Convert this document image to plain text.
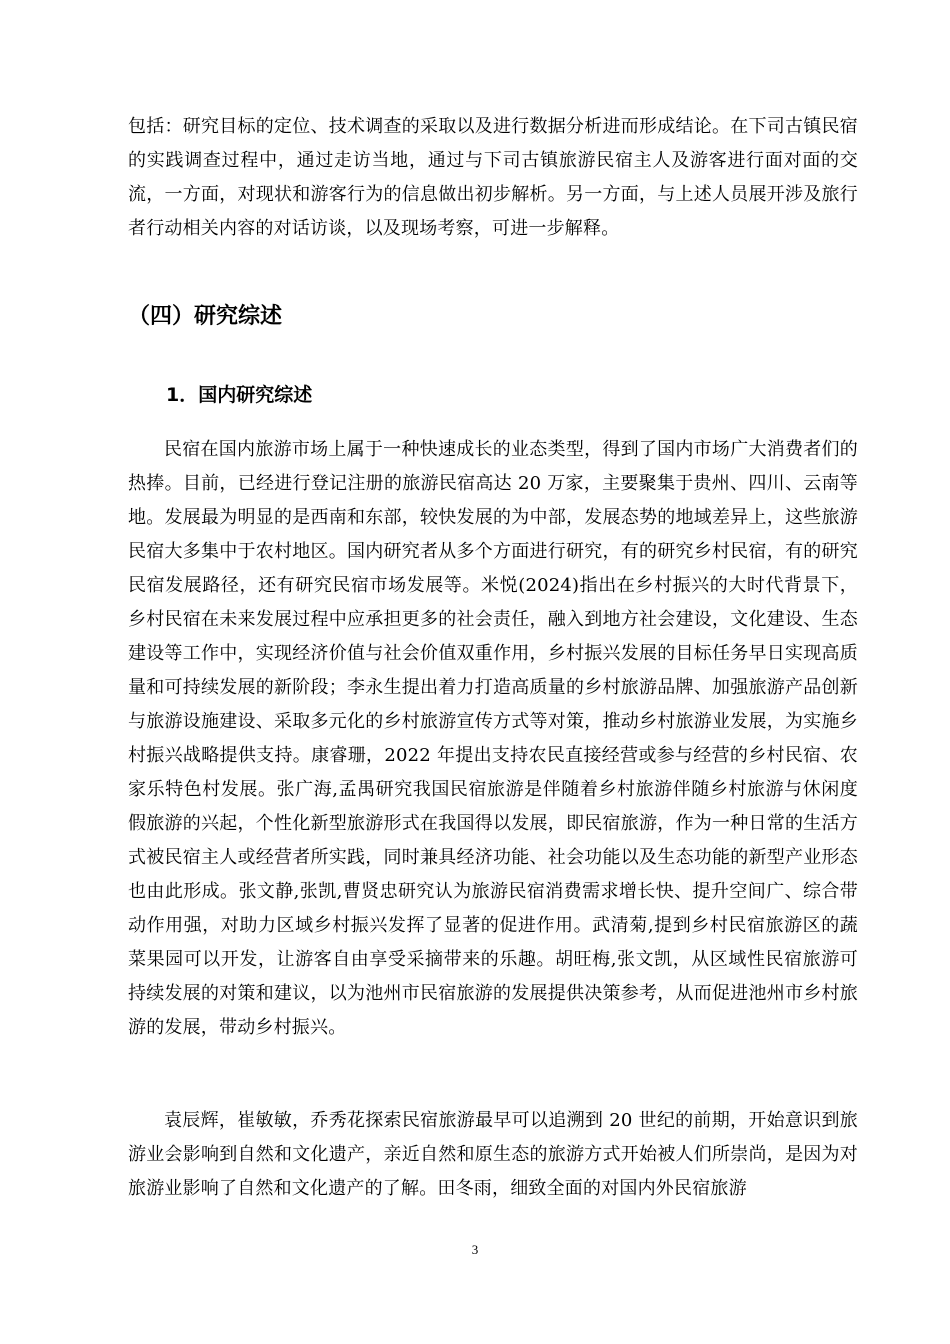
包括：研究目标的定位、技术调查的采取以及进行数据分析进而形成结论。在下司古镇民宿的实践调查过程中，通过走访当地，通过与下司古镇旅游民宿主人及游客进行面对面的交流，一方面，对现状和游客行为的信息做出初步解析。另一方面，与上述人员展开涉及旅行者行动相关内容的对话访谈，以及现场考察，可进一步解释。

（四）研究综述
1．国内研究综述

民宿在国内旅游市场上属于一种快速成长的业态类型，得到了国内市场广大消费者们的热捧。目前，已经进行登记注册的旅游民宿高达 20 万家，主要聚集于贵州、四川、云南等地。发展最为明显的是西南和东部，较快发展的为中部，发展态势的地域差异上，这些旅游民宿大多集中于农村地区。国内研究者从多个方面进行研究，有的研究乡村民宿，有的研究民宿发展路径，还有研究民宿市场发展等。米悦(2024)指出在乡村振兴的大时代背景下，乡村民宿在未来发展过程中应承担更多的社会责任，融入到地方社会建设，文化建设、生态建设等工作中，实现经济价值与社会价值双重作用，乡村振兴发展的目标任务早日实现高质量和可持续发展的新阶段；李永生提出着力打造高质量的乡村旅游品牌、加强旅游产品创新与旅游设施建设、采取多元化的乡村旅游宣传方式等对策，推动乡村旅游业发展，为实施乡村振兴战略提供支持。康睿珊，2022 年提出支持农民直接经营或参与经营的乡村民宿、农家乐特色村发展。张广海,孟禺研究我国民宿旅游是伴随着乡村旅游伴随乡村旅游与休闲度假旅游的兴起，个性化新型旅游形式在我国得以发展，即民宿旅游，作为一种日常的生活方式被民宿主人或经营者所实践，同时兼具经济功能、社会功能以及生态功能的新型产业形态也由此形成。张文静,张凯,曹贤忠研究认为旅游民宿消费需求增长快、提升空间广、综合带动作用强，对助力区域乡村振兴发挥了显著的促进作用。武清菊,提到乡村民宿旅游区的蔬菜果园可以开发，让游客自由享受采摘带来的乐趣。胡旺梅,张文凯，从区域性民宿旅游可持续发展的对策和建议，以为池州市民宿旅游的发展提供决策参考，从而促进池州市乡村旅游的发展，带动乡村振兴。

袁辰辉，崔敏敏，乔秀花探索民宿旅游最早可以追溯到 20 世纪的前期，开始意识到旅游业会影响到自然和文化遗产，亲近自然和原生态的旅游方式开始被人们所崇尚，是因为对旅游业影响了自然和文化遗产的了解。田冬雨，细致全面的对国内外民宿旅游

3
